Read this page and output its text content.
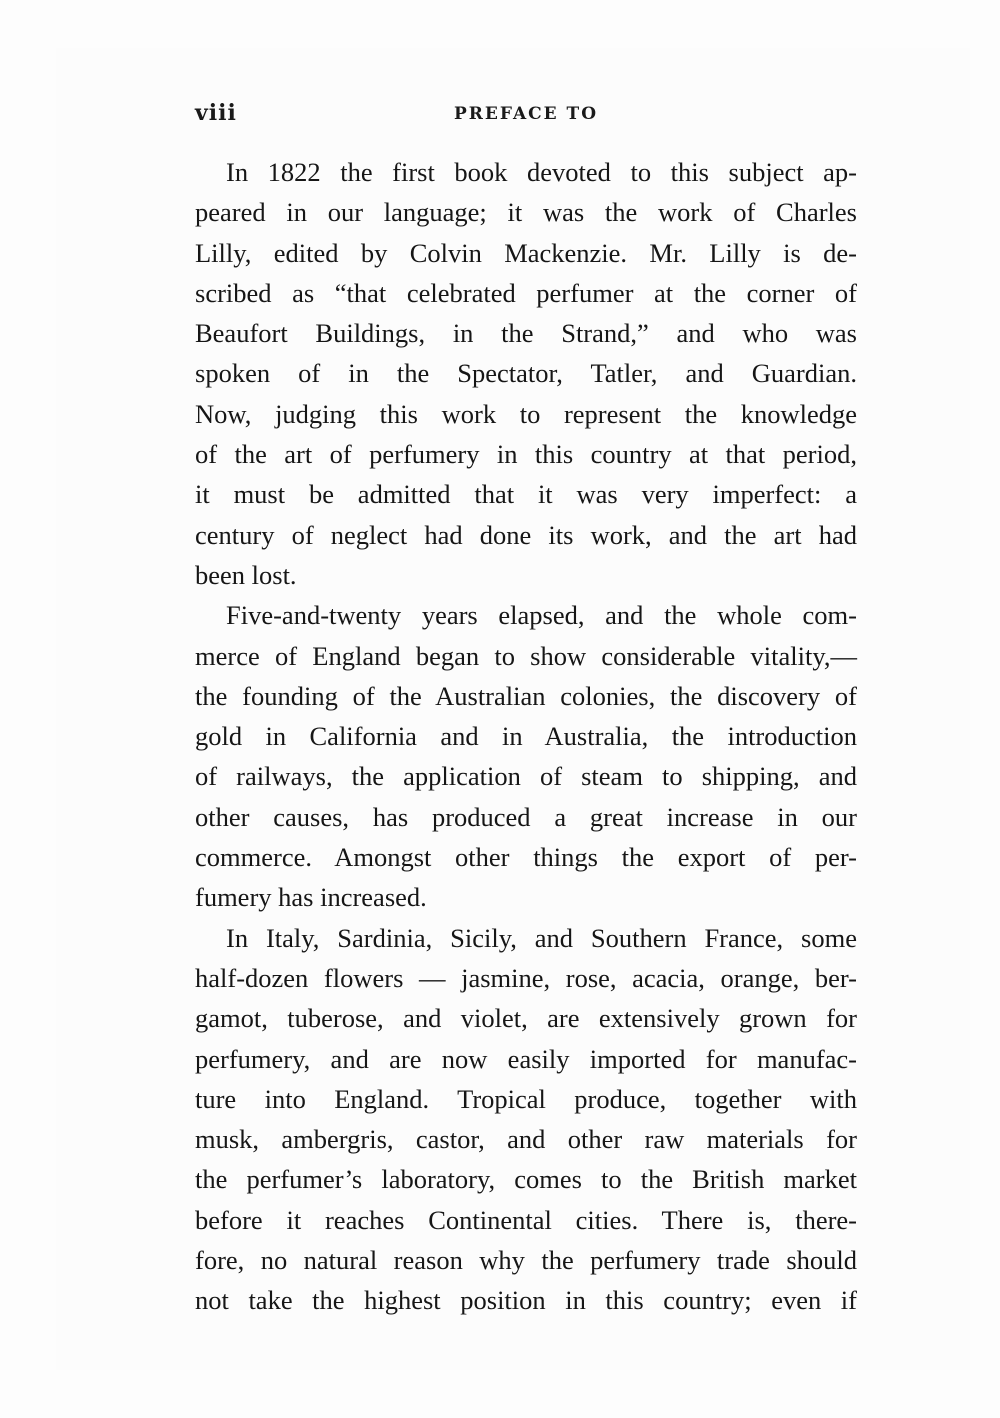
viii	PREFACE TO
In 1822 the first book devoted to this subject ap-
peared in our language; it was the work of Charles
Lilly, edited by Colvin Mackenzie. Mr. Lilly is de-
scribed as “that celebrated perfumer at the corner of
Beaufort Buildings, in the Strand,” and who was
spoken of in the Spectator, Tatler, and Guardian.
Now, judging this work to represent the knowledge
of the art of perfumery in this country at that period,
it must be admitted that it was very imperfect: a
century of neglect had done its work, and the art had
been lost.
Five-and-twenty years elapsed, and the whole com-
merce of England began to show considerable vitality,—
the founding of the Australian colonies, the discovery of
gold in California and in Australia, the introduction
of railways, the application of steam to shipping, and
other causes, has produced a great increase in our
commerce. Amongst other things the export of per-
fumery has increased.
In Italy, Sardinia, Sicily, and Southern France, some
half-dozen flowers — jasmine, rose, acacia, orange, ber-
gamot, tuberose, and violet, are extensively grown for
perfumery, and are now easily imported for manufac-
ture into England. Tropical produce, together with
musk, ambergris, castor, and other raw materials for
the perfumer’s laboratory, comes to the British market
before it reaches Continental cities. There is, there-
fore, no natural reason why the perfumery trade should
not take the highest position in this country; even if
